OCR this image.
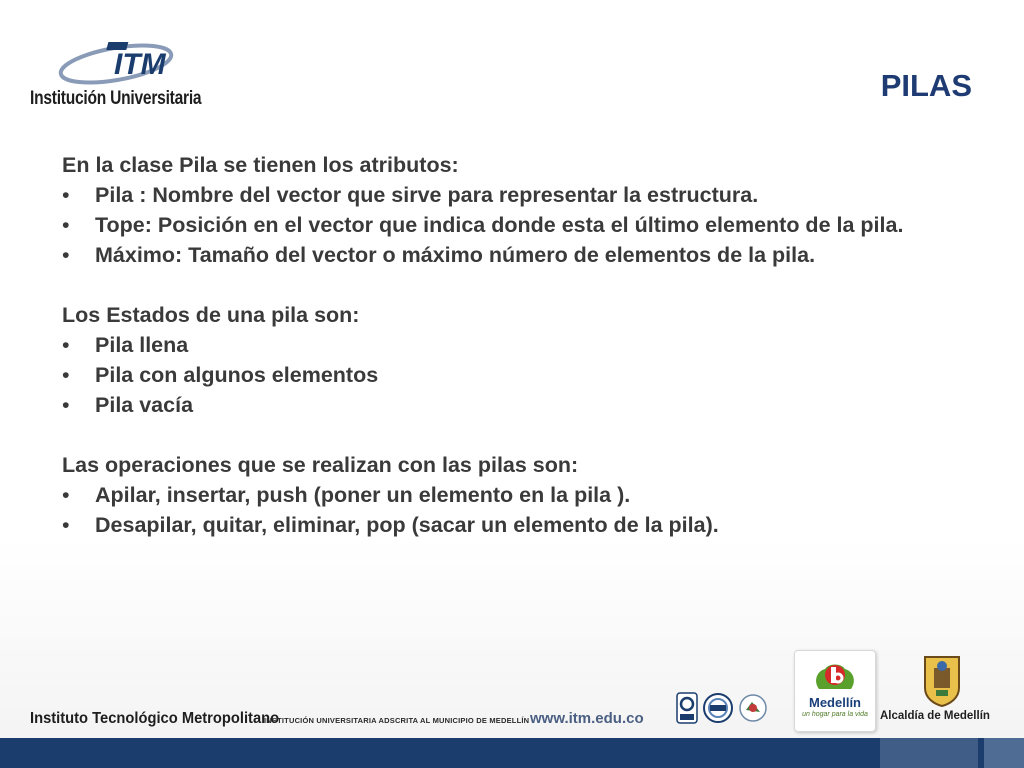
ITM
Institución Universitaria	PILAS
En la clase Pila se tienen los atributos:
• Pila : Nombre del vector que sirve para representar la estructura.
• Tope: Posición en el vector que indica donde esta el último elemento de la pila.
• Máximo: Tamaño del vector o máximo número de elementos de la pila.
Los Estados de una pila son:
• Pila llena
• Pila con algunos elementos
• Pila vacía
Las operaciones que se realizan con las pilas son:
• Apilar, insertar, push (poner un elemento en la pila ).
• Desapilar, quitar, eliminar, pop (sacar un elemento de la pila).
Instituto Tecnológico Metropolitano
INSTITUCIÓN UNIVERSITARIA ADSCRITA AL MUNICIPIO DE MEDELLÍN www.itm.edu.co
Medellín
un hogar para la vida	Alcaldía de Medellín
